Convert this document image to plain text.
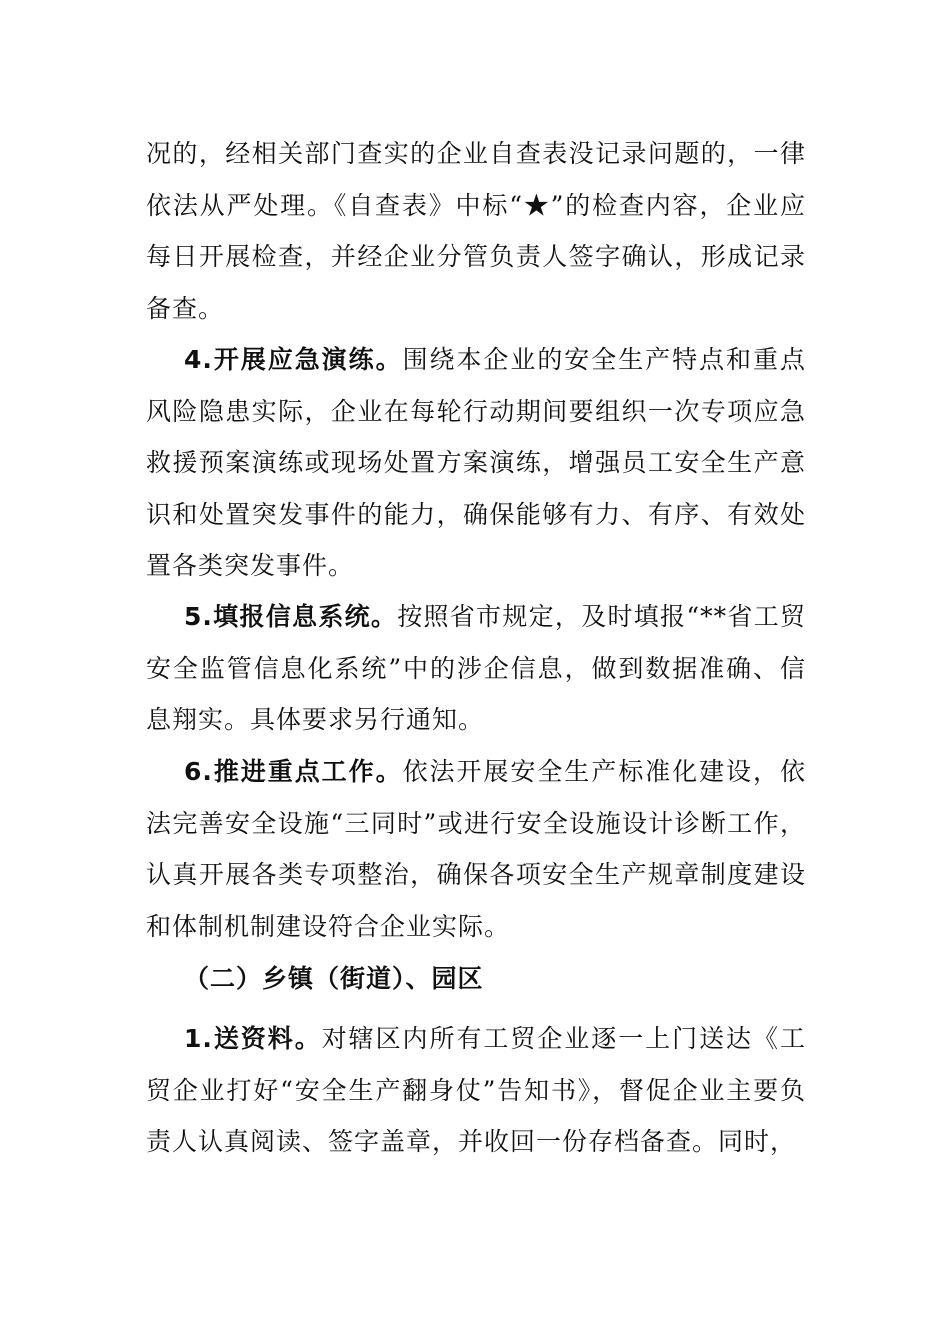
况的，经相关部门查实的企业自查表没记录问题的，一律依法从严处理。《自查表》中标“★”的检查内容，企业应每日开展检查，并经企业分管负责人签字确认，形成记录备查。

4.开展应急演练。围绕本企业的安全生产特点和重点风险隐患实际，企业在每轮行动期间要组织一次专项应急救援预案演练或现场处置方案演练，增强员工安全生产意识和处置突发事件的能力，确保能够有力、有序、有效处置各类突发事件。

5.填报信息系统。按照省市规定，及时填报“**省工贸安全监管信息化系统”中的涉企信息，做到数据准确、信息翔实。具体要求另行通知。

6.推进重点工作。依法开展安全生产标准化建设，依法完善安全设施“三同时”或进行安全设施设计诊断工作，认真开展各类专项整治，确保各项安全生产规章制度建设和体制机制建设符合企业实际。

（二）乡镇（街道）、园区

1.送资料。对辖区内所有工贸企业逐一上门送达《工贸企业打好“安全生产翻身仗”告知书》，督促企业主要负责人认真阅读、签字盖章，并收回一份存档备查。同时，
